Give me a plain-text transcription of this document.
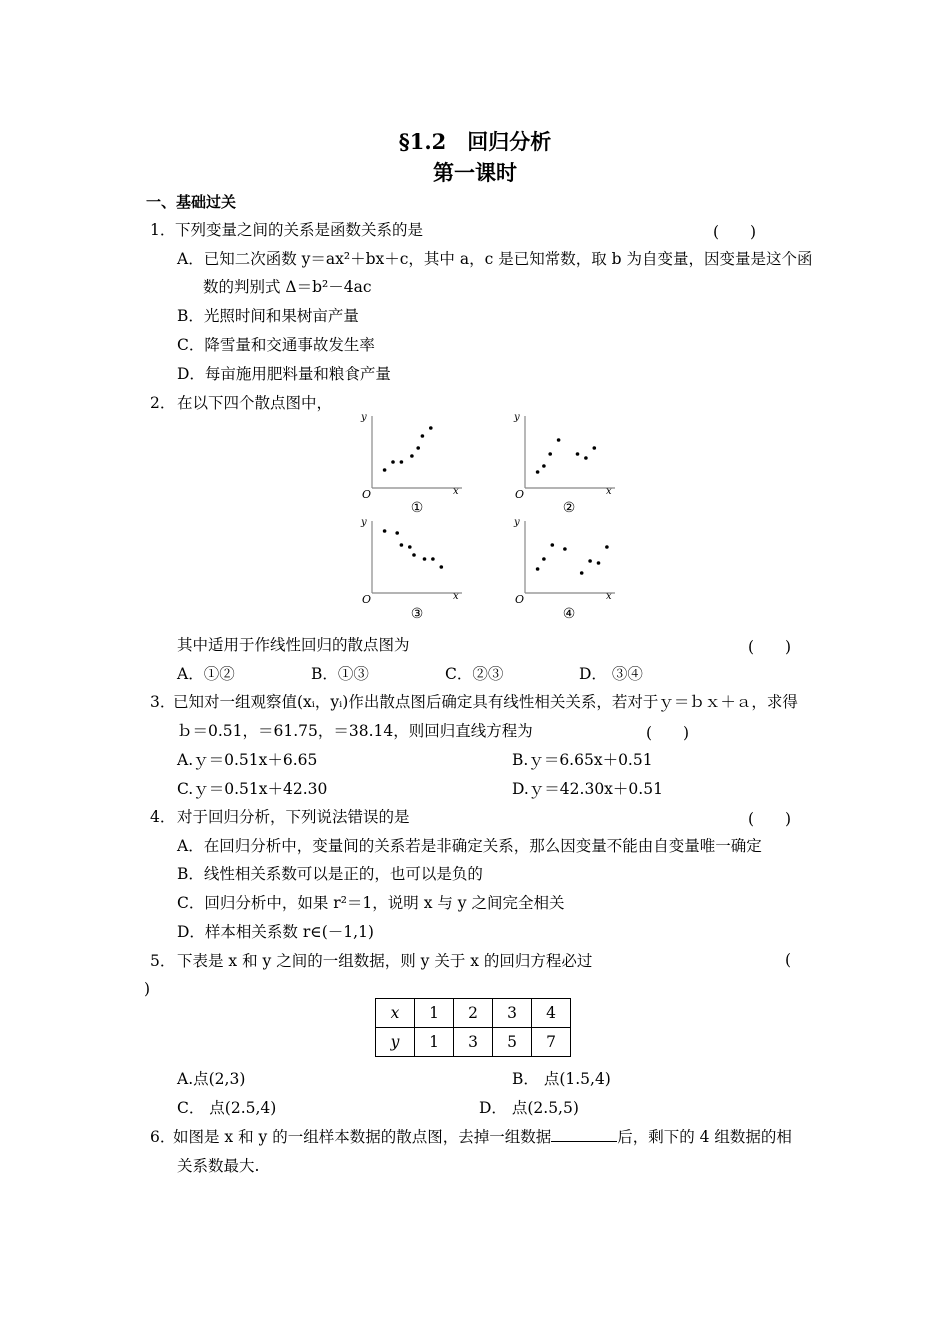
§1.2　回归分析
第一课时
一、基础过关
1． 下列变量之间的关系是函数关系的是	(　　)
A．已知二次函数 y＝ax²＋bx＋c，其中 a，c 是已知常数，取 b 为自变量，因变量是这个函
数的判别式 Δ＝b²－4ac
B．光照时间和果树亩产量
C．降雪量和交通事故发生率
D．每亩施用肥料量和粮食产量
2． 在以下四个散点图中，
x
y
O
①
x
y
O
②
x
y
O
③
x
y
O
④
其中适用于作线性回归的散点图为	(　　)
A．①②	B．①③	C．②③	D． ③④
3．
已知对一组观察值(xᵢ，yᵢ)作出散点图后确定具有线性相关关系，若对于ｙ＝ｂｘ＋ａ，求得
ｂ＝0.51，＝61.75，＝38.14，则回归直线方程为	(　　)
A.ｙ＝0.51x＋6.65	B.ｙ＝6.65x＋0.51
C.ｙ＝0.51x＋42.30	D.ｙ＝42.30x＋0.51
4． 对于回归分析，下列说法错误的是	(　　)
A．在回归分析中，变量间的关系若是非确定关系，那么因变量不能由自变量唯一确定
B．线性相关系数可以是正的，也可以是负的
C．回归分析中，如果 r²＝1，说明 x 与 y 之间完全相关
D．样本相关系数 r∈(－1,1)
5． 下表是 x 和 y 之间的一组数据，则 y 关于 x 的回归方程必过	(
)
x	1	2	3	4
y	1	3	5	7
A.点(2,3)	B． 点(1.5,4)
C． 点(2.5,4)	D． 点(2.5,5)
6．
如图是 x 和 y 的一组样本数据的散点图，去掉一组数据	后，剩下的 4 组数据的相
关系数最大.
